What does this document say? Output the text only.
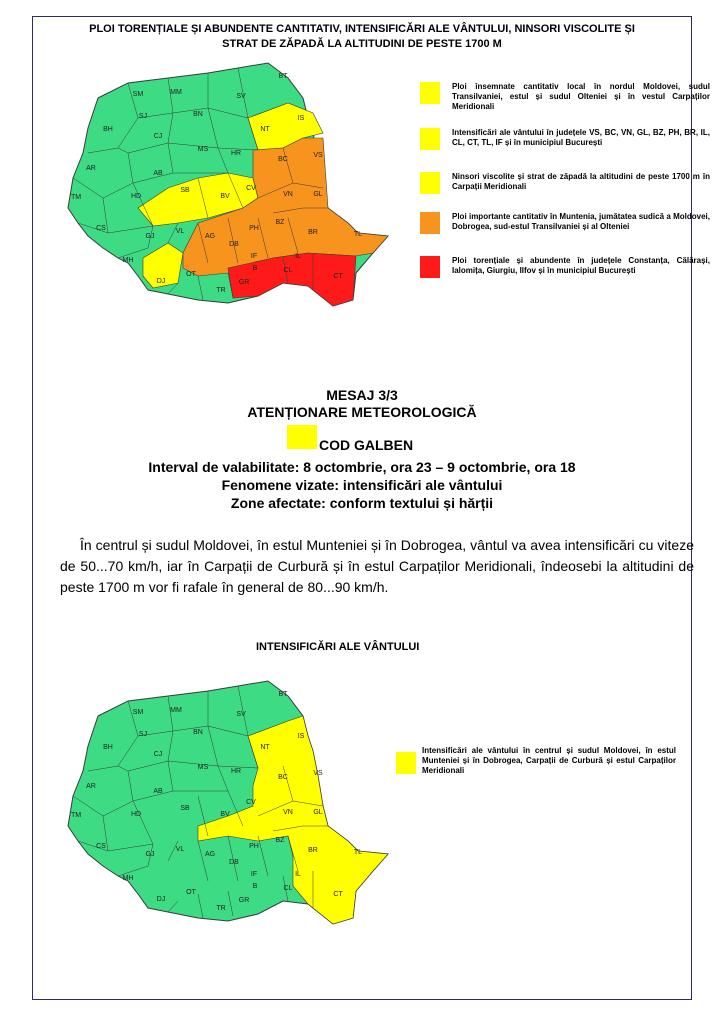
PLOI TORENȚIALE ȘI ABUNDENTE CANTITATIV, INTENSIFICĂRI ALE VÂNTULUI, NINSORI VISCOLITE ȘI
STRAT DE ZĂPADĂ LA ALTITUDINI DE PESTE 1700 M
BT
SM	MM
SV
BH
SJ	BN
NT
IS
CJ
MS
HR
BC
VS
AR
AB
TM	HD
SB
BV
CV
VN	GL
CS
GJ
VL
AG
DB
PH
BZ
BR	TL
MH
DJ
OT
TR
GR
IF
B
IL
CL
CT
Ploi însemnate cantitativ local în nordul Moldovei, sudul Transilvaniei, estul și sudul Olteniei și în vestul Carpaților Meridionali
Intensificări ale vântului în județele VS, BC, VN, GL, BZ, PH, BR, IL, CL, CT, TL, IF și în municipiul București
Ninsori viscolite și strat de zăpadă la altitudini de peste 1700 m în Carpații Meridionali
Ploi importante cantitativ în Muntenia, jumătatea sudică a Moldovei, Dobrogea, sud-estul Transilvaniei și al Olteniei
Ploi torențiale și abundente în județele Constanța, Călărași, Ialomița, Giurgiu, Ilfov și în municipiul București
MESAJ 3/3
ATENȚIONARE METEOROLOGICĂ
COD GALBEN
Interval de valabilitate: 8 octombrie, ora 23 – 9 octombrie, ora 18
Fenomene vizate: intensificări ale vântului
Zone afectate: conform textului și hărții
În centrul și sudul Moldovei, în estul Munteniei și în Dobrogea, vântul va avea intensificări cu viteze de 50...70 km/h, iar în Carpații de Curbură și în estul Carpaților Meridionali, îndeosebi la altitudini de peste 1700 m vor fi rafale în general de 80...90 km/h.
INTENSIFICĂRI ALE VÂNTULUI
BT
SM	MM
SV
BH
SJ	BN
NT
IS
CJ
MS
HR
BC
VS
AR
AB
TM	HD
SB
BV
CV
VN	GL
CS
GJ
VL
AG
DB
PH
BZ
BR	TL
MH
DJ
OT
TR
GR
IF
B
IL
CL
CT
Intensificări ale vântului în centrul și sudul Moldovei, în estul Munteniei și în Dobrogea, Carpații de Curbură și estul Carpaților Meridionali
